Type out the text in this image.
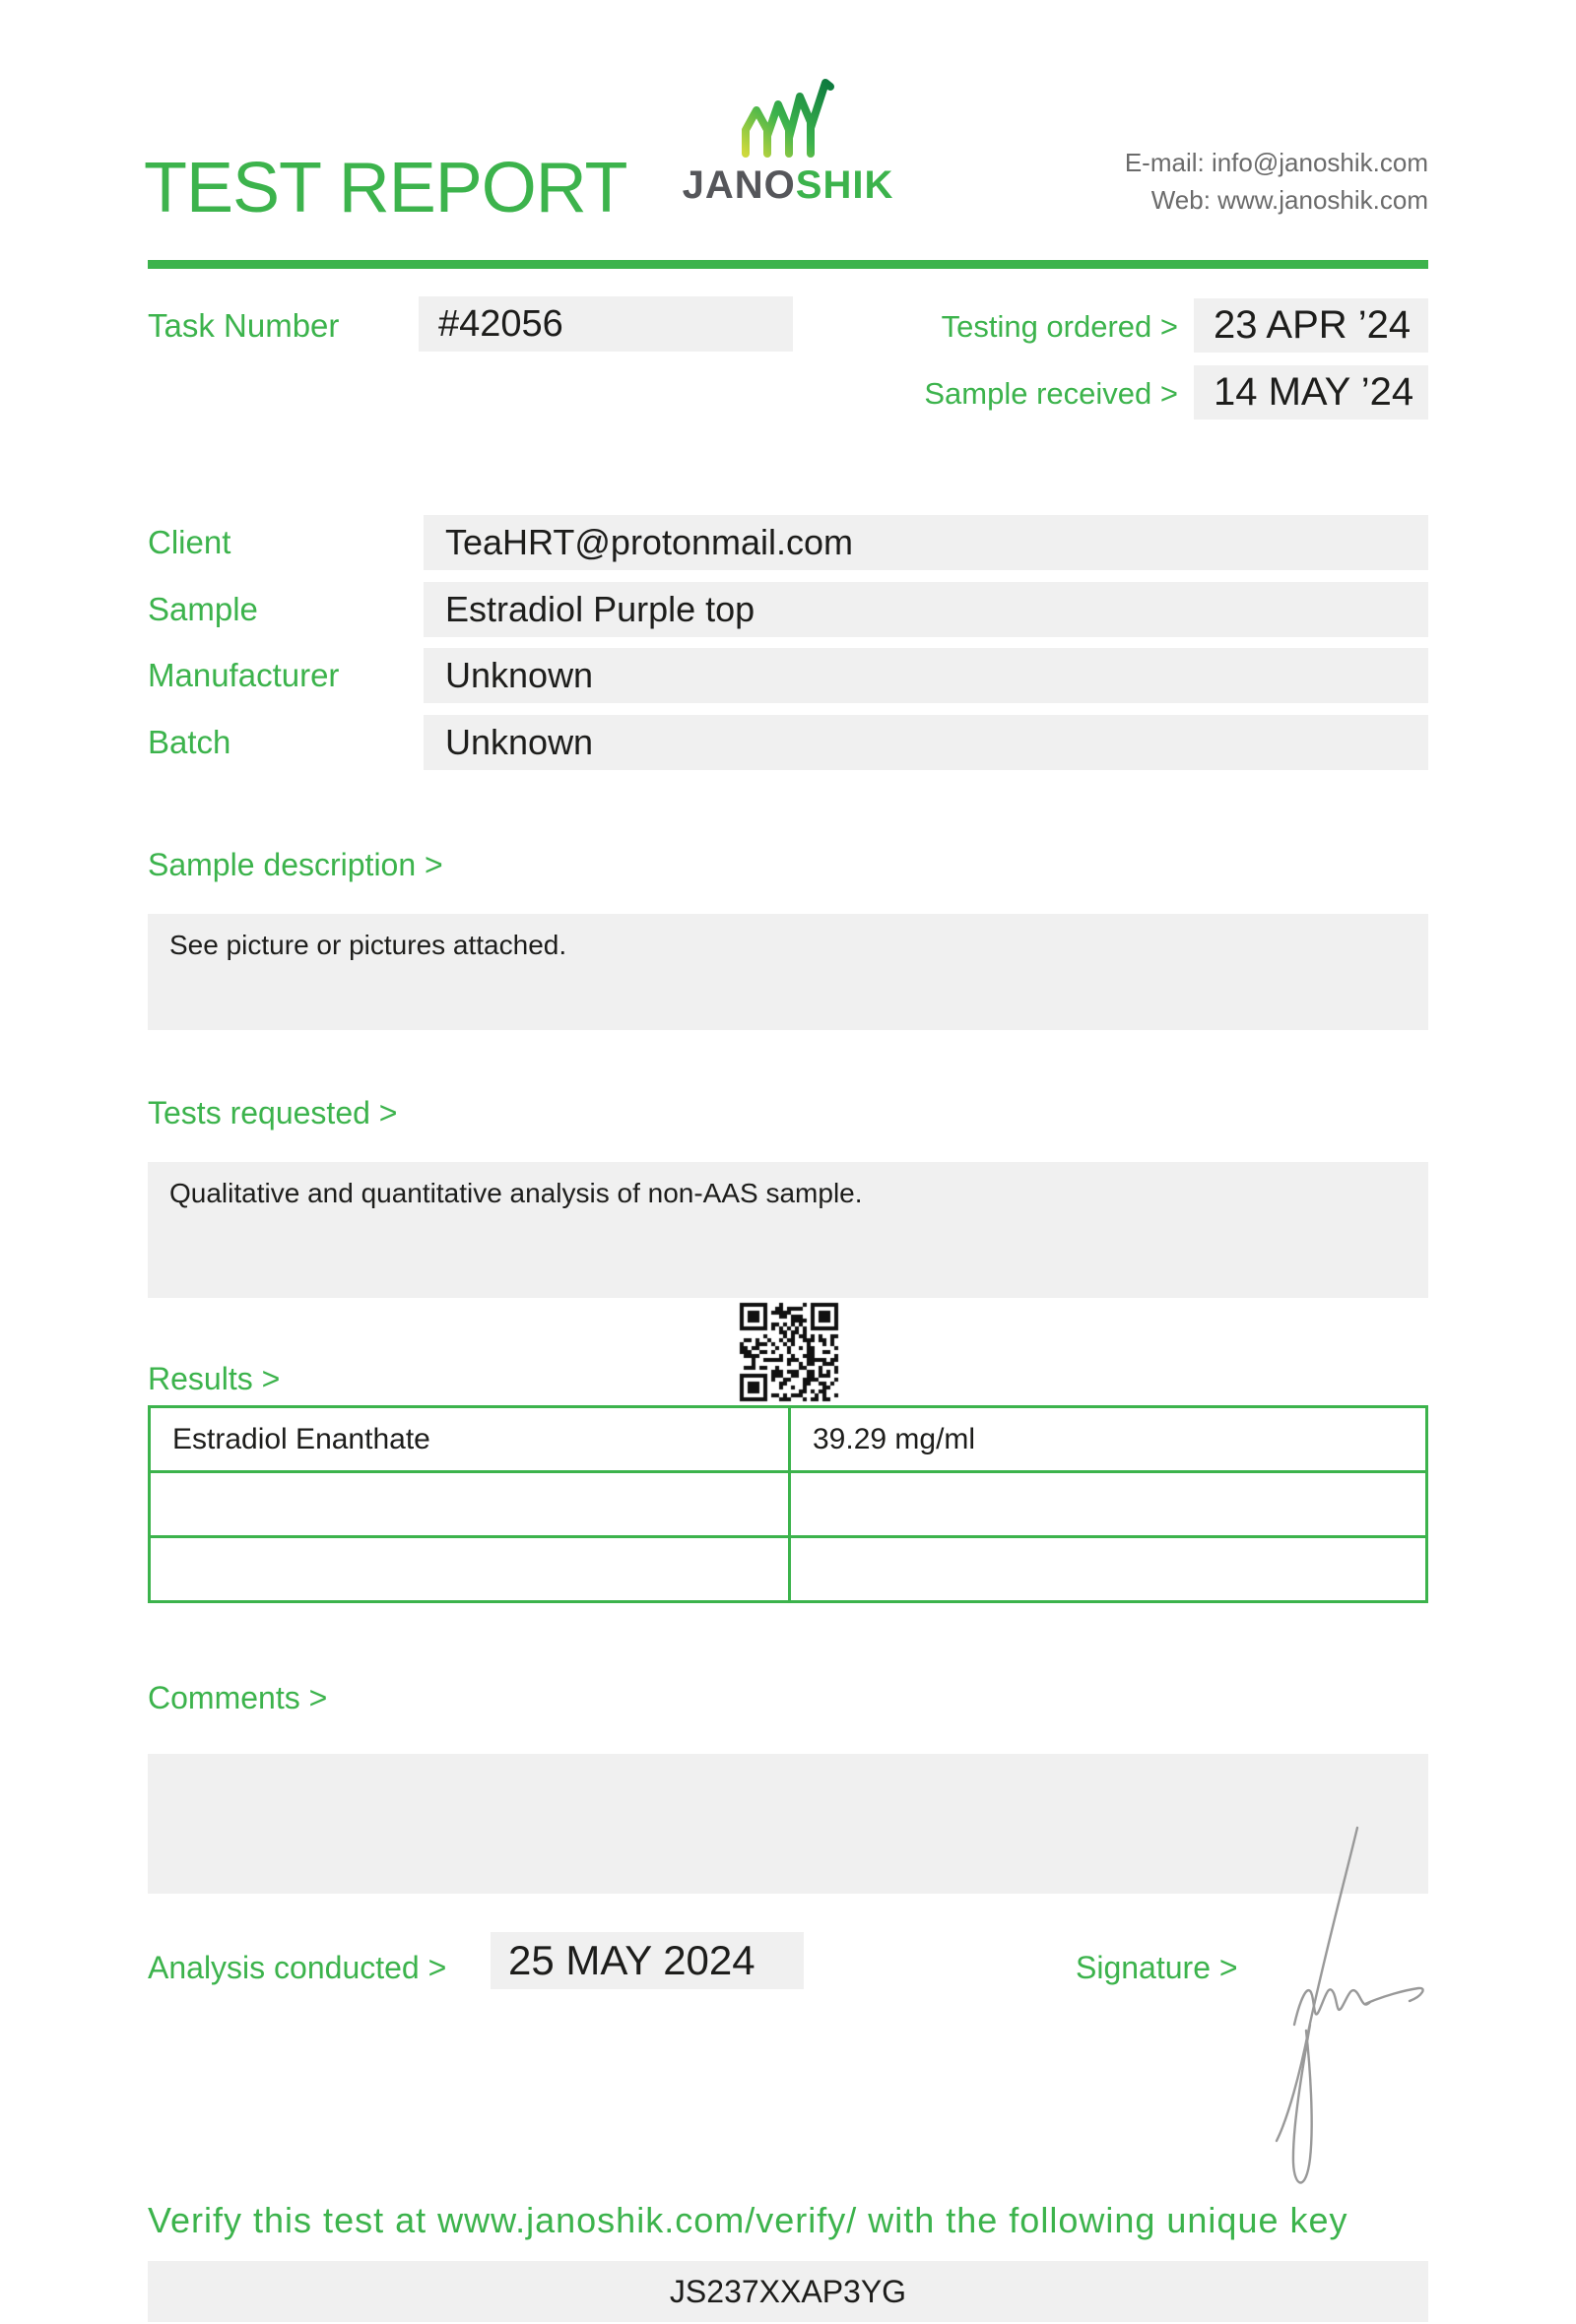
TEST REPORT	JANOSHIK
E-mail: info@janoshik.com
Web: www.janoshik.com
Task Number	#42056	Testing ordered > 23 APR ’24
Sample received > 14 MAY ’24
Client	TeaHRT@protonmail.com
Sample	Estradiol Purple top
Manufacturer	Unknown
Batch	Unknown
Sample description >
See picture or pictures attached.
Tests requested >
Qualitative and quantitative analysis of non-AAS sample.
Results >
Estradiol Enanthate	39.29 mg/ml

Comments >
Analysis conducted >	25 MAY 2024	Signature >
Verify this test at www.janoshik.com/verify/ with the following unique key
JS237XXAP3YG
